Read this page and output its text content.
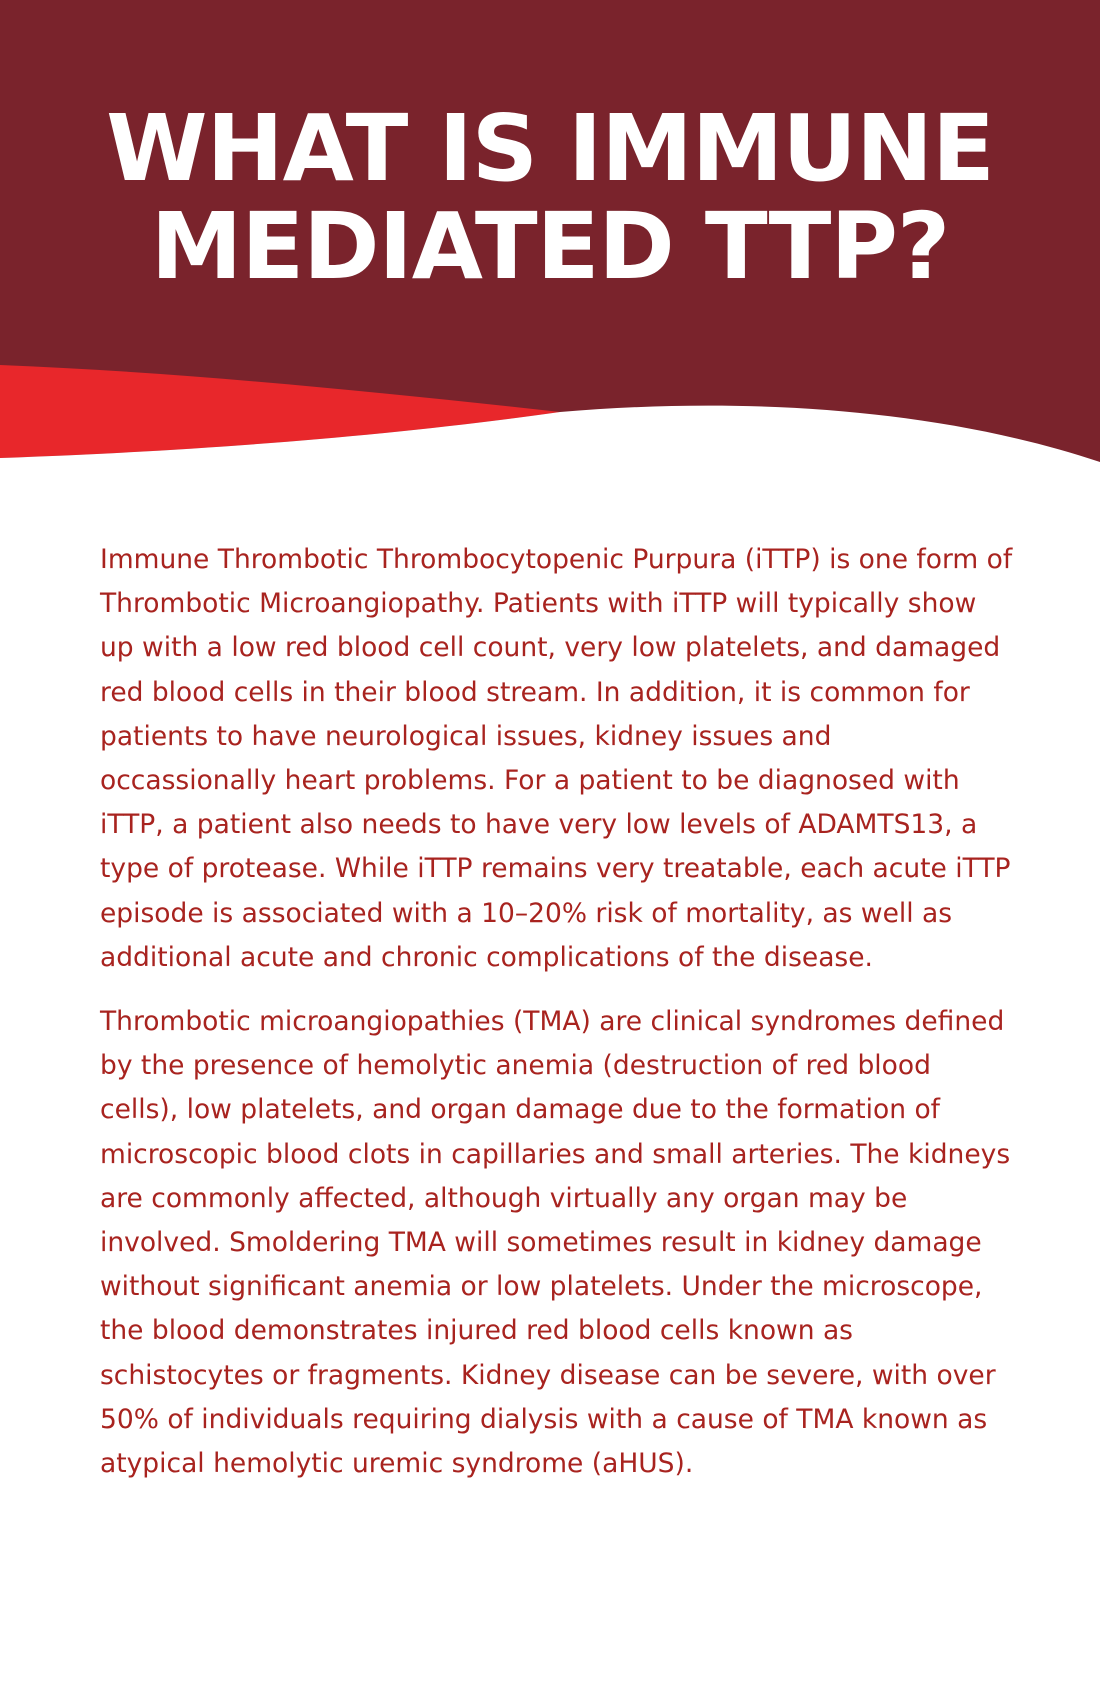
WHAT IS IMMUNE
MEDIATED TTP?

Immune Thrombotic Thrombocytopenic Purpura (iTTP) is one form of Thrombotic Microangiopathy. Patients with iTTP will typically show up with a low red blood cell count, very low platelets, and damaged red blood cells in their blood stream. In addition, it is common for patients to have neurological issues, kidney issues and occassionally heart problems. For a patient to be diagnosed with iTTP, a patient also needs to have very low levels of ADAMTS13, a type of protease. While iTTP remains very treatable, each acute iTTP episode is associated with a 10–20% risk of mortality, as well as additional acute and chronic complications of the disease.

Thrombotic microangiopathies (TMA) are clinical syndromes defined by the presence of hemolytic anemia (destruction of red blood cells), low platelets, and organ damage due to the formation of microscopic blood clots in capillaries and small arteries. The kidneys are commonly affected, although virtually any organ may be involved. Smoldering TMA will sometimes result in kidney damage without significant anemia or low platelets. Under the microscope, the blood demonstrates injured red blood cells known as schistocytes or fragments. Kidney disease can be severe, with over 50% of individuals requiring dialysis with a cause of TMA known as atypical hemolytic uremic syndrome (aHUS).
